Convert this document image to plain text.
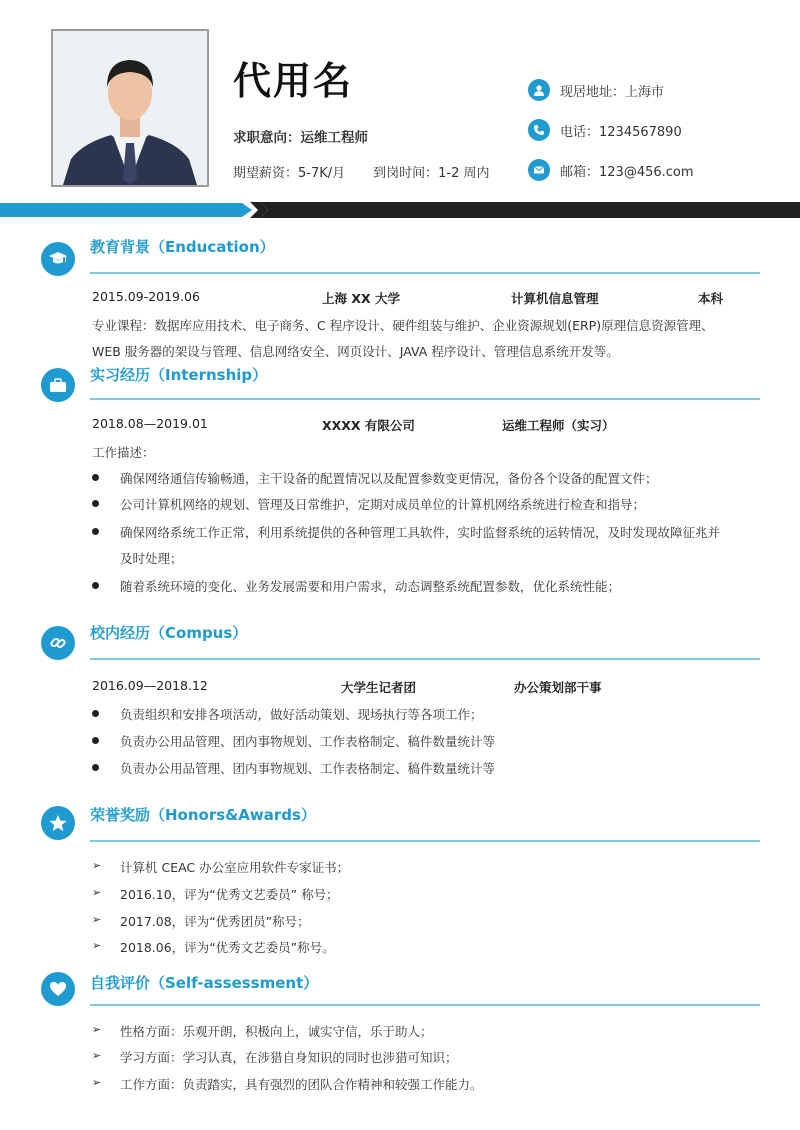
代用名
求职意向：运维工程师
期望薪资：5-7K/月 到岗时间：1-2 周内
现居地址：上海市
电话：1234567890
邮箱：123@456.com
教育背景（Enducation）
2015.09-2019.06	上海 XX 大学	计算机信息管理	本科
专业课程：数据库应用技术、电子商务、C 程序设计、硬件组装与维护、企业资源规划(ERP)原理信息资源管理、
WEB 服务器的架设与管理、信息网络安全、网页设计、JAVA 程序设计、管理信息系统开发等。
实习经历（Internship）
2018.08—2019.01	XXXX 有限公司	运维工程师（实习）
工作描述：
确保网络通信传输畅通，主干设备的配置情况以及配置参数变更情况，备份各个设备的配置文件；
公司计算机网络的规划、管理及日常维护，定期对成员单位的计算机网络系统进行检查和指导；
确保网络系统工作正常，利用系统提供的各种管理工具软件，实时监督系统的运转情况，及时发现故障征兆并
及时处理；
随着系统环境的变化、业务发展需要和用户需求，动态调整系统配置参数，优化系统性能；
校内经历（Compus）
2016.09—2018.12	大学生记者团	办公策划部干事
负责组织和安排各项活动，做好活动策划、现场执行等各项工作；
负责办公用品管理、团内事物规划、工作表格制定、稿件数量统计等
负责办公用品管理、团内事物规划、工作表格制定、稿件数量统计等
荣誉奖励（Honors&Awards）
➢ 计算机 CEAC 办公室应用软件专家证书；
➢ 2016.10，评为“优秀文艺委员” 称号；
➢ 2017.08，评为“优秀团员”称号；
➢ 2018.06，评为“优秀文艺委员”称号。
自我评价（Self-assessment）
➢ 性格方面：乐观开朗，积极向上，诚实守信，乐于助人；
➢ 学习方面：学习认真，在涉猎自身知识的同时也涉猎可知识；
➢ 工作方面：负责踏实，具有强烈的团队合作精神和较强工作能力。
